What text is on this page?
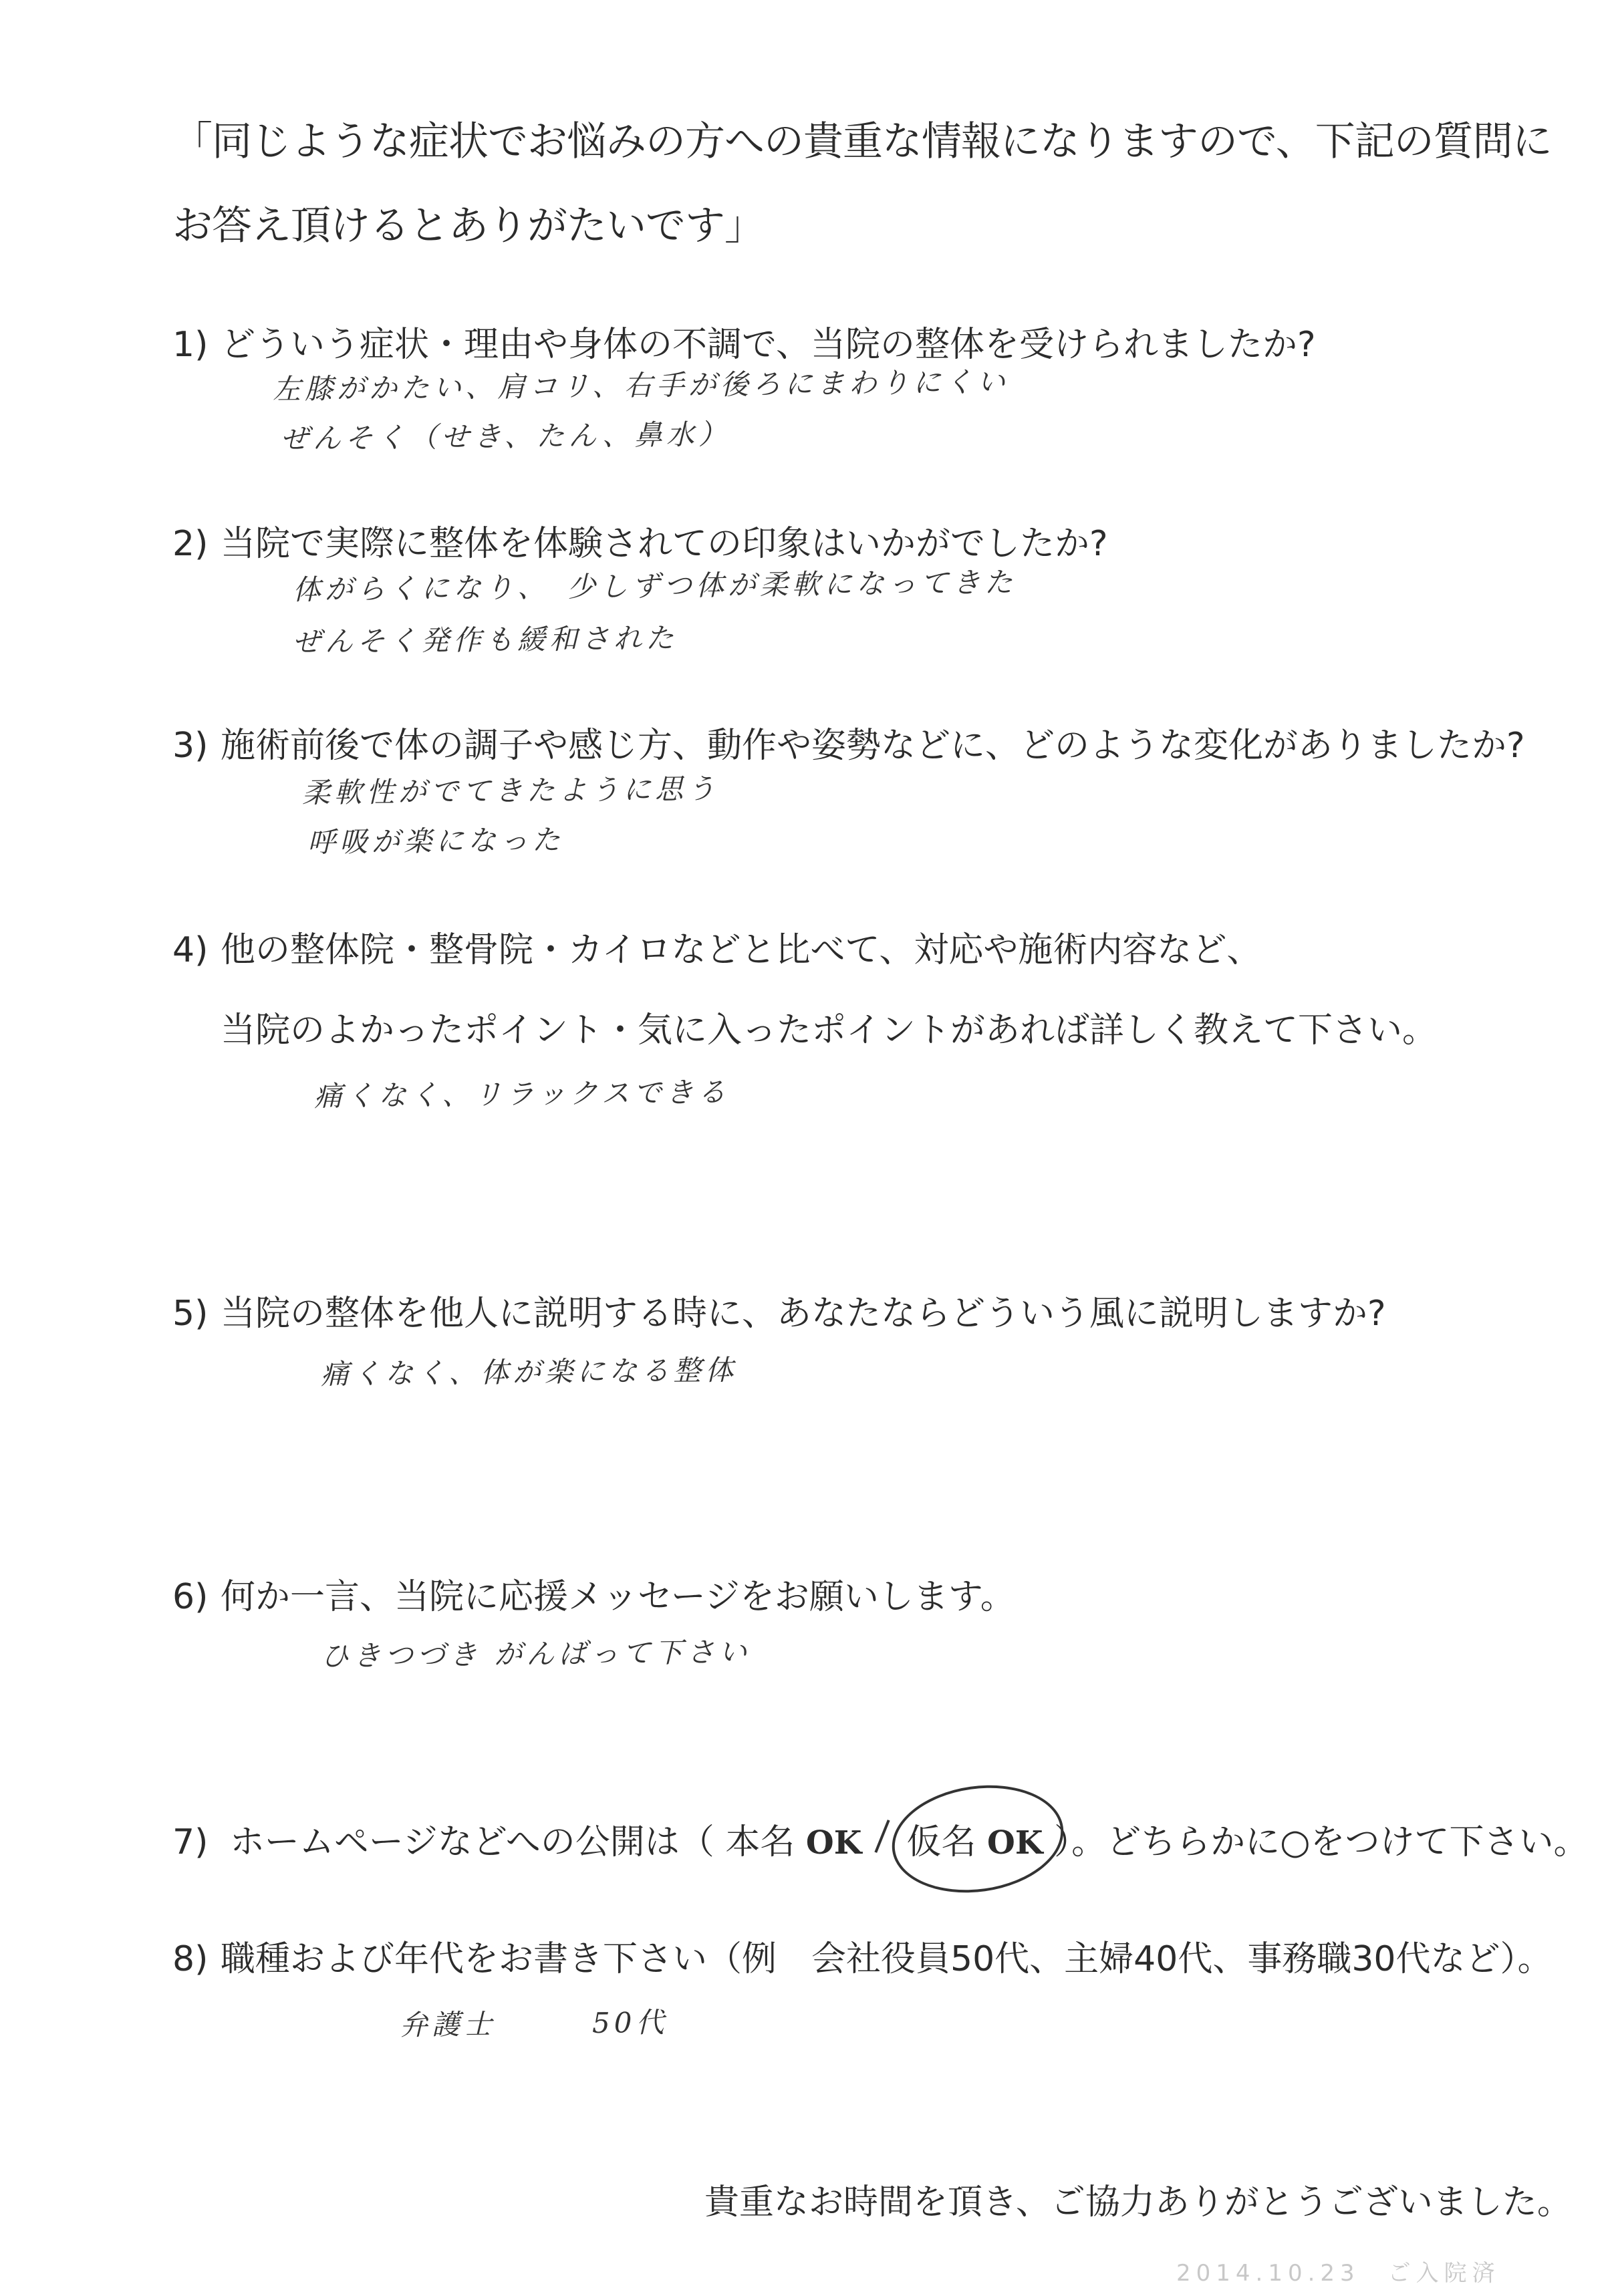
「同じような症状でお悩みの方への貴重な情報になりますので、下記の質問に
お答え頂けるとありがたいです」
1) どういう症状・理由や身体の不調で、当院の整体を受けられましたか?
左膝がかたい、肩コリ、右手が後ろにまわりにくい
ぜんそく（せき、たん、鼻水）
2) 当院で実際に整体を体験されての印象はいかがでしたか?
体がらくになり、　少しずつ体が柔軟になってきた
ぜんそく発作も緩和された
3) 施術前後で体の調子や感じ方、動作や姿勢などに、どのような変化がありましたか?
柔軟性がでてきたように思う
呼吸が楽になった
4) 他の整体院・整骨院・カイロなどと比べて、対応や施術内容など、
当院のよかったポイント・気に入ったポイントがあれば詳しく教えて下さい。
痛くなく、リラックスできる
5) 当院の整体を他人に説明する時に、あなたならどういう風に説明しますか?
痛くなく、体が楽になる整体
6) 何か一言、当院に応援メッセージをお願いします。
ひきつづき がんばって下さい
7) ホームページなどへの公開は（ 本名 OK 仮名 OK ）。どちらかに○をつけて下さい。
8) 職種および年代をお書き下さい（例　会社役員50代、主婦40代、事務職30代など）。
弁護士　　　50代
貴重なお時間を頂き、ご協力ありがとうございました。
2014.10.23　ご入院済
